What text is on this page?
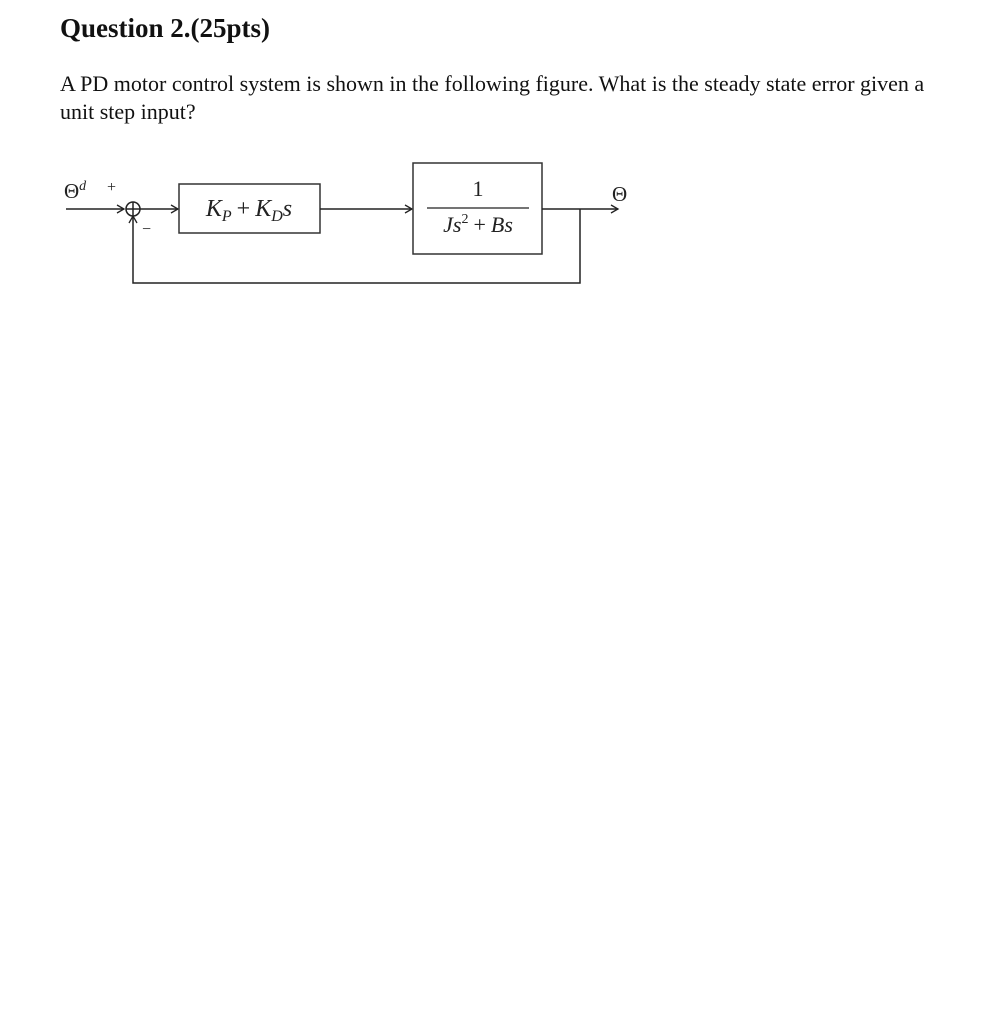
Question 2.(25pts)

A PD motor control system is shown in the following figure. What is the steady state error given a unit step input?

$\Theta^d$ +
−
$K_P + K_Ds$
1
$Js^2 + Bs$
Θ
